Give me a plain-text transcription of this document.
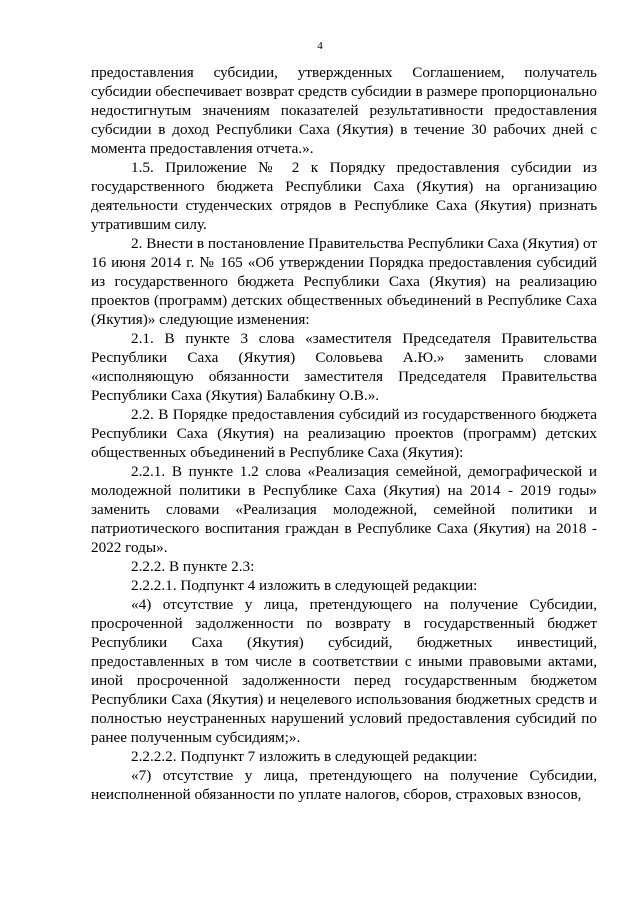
4

предоставления субсидии, утвержденных Соглашением, получатель субсидии обеспечивает возврат средств субсидии в размере пропорционально недостигнутым значениям показателей результативности предоставления субсидии в доход Республики Саха (Якутия) в течение 30 рабочих дней с момента предоставления отчета.».

1.5. Приложение № 2 к Порядку предоставления субсидии из государственного бюджета Республики Саха (Якутия) на организацию деятельности студенческих отрядов в Республике Саха (Якутия) признать утратившим силу.

2. Внести в постановление Правительства Республики Саха (Якутия) от 16 июня 2014 г. № 165 «Об утверждении Порядка предоставления субсидий из государственного бюджета Республики Саха (Якутия) на реализацию проектов (программ) детских общественных объединений в Республике Саха (Якутия)» следующие изменения:

2.1. В пункте 3 слова «заместителя Председателя Правительства Республики Саха (Якутия) Соловьева А.Ю.» заменить словами «исполняющую обязанности заместителя Председателя Правительства Республики Саха (Якутия) Балабкину О.В.».

2.2. В Порядке предоставления субсидий из государственного бюджета Республики Саха (Якутия) на реализацию проектов (программ) детских общественных объединений в Республике Саха (Якутия):

2.2.1. В пункте 1.2 слова «Реализация семейной, демографической и молодежной политики в Республике Саха (Якутия) на 2014 - 2019 годы» заменить словами «Реализация молодежной, семейной политики и патриотического воспитания граждан в Республике Саха (Якутия) на 2018 - 2022 годы».

2.2.2. В пункте 2.3:

2.2.2.1. Подпункт 4 изложить в следующей редакции:

«4) отсутствие у лица, претендующего на получение Субсидии, просроченной задолженности по возврату в государственный бюджет Республики Саха (Якутия) субсидий, бюджетных инвестиций, предоставленных в том числе в соответствии с иными правовыми актами, иной просроченной задолженности перед государственным бюджетом Республики Саха (Якутия) и нецелевого использования бюджетных средств и полностью неустраненных нарушений условий предоставления субсидий по ранее полученным субсидиям;».

2.2.2.2. Подпункт 7 изложить в следующей редакции:

«7) отсутствие у лица, претендующего на получение Субсидии, неисполненной обязанности по уплате налогов, сборов, страховых взносов,
